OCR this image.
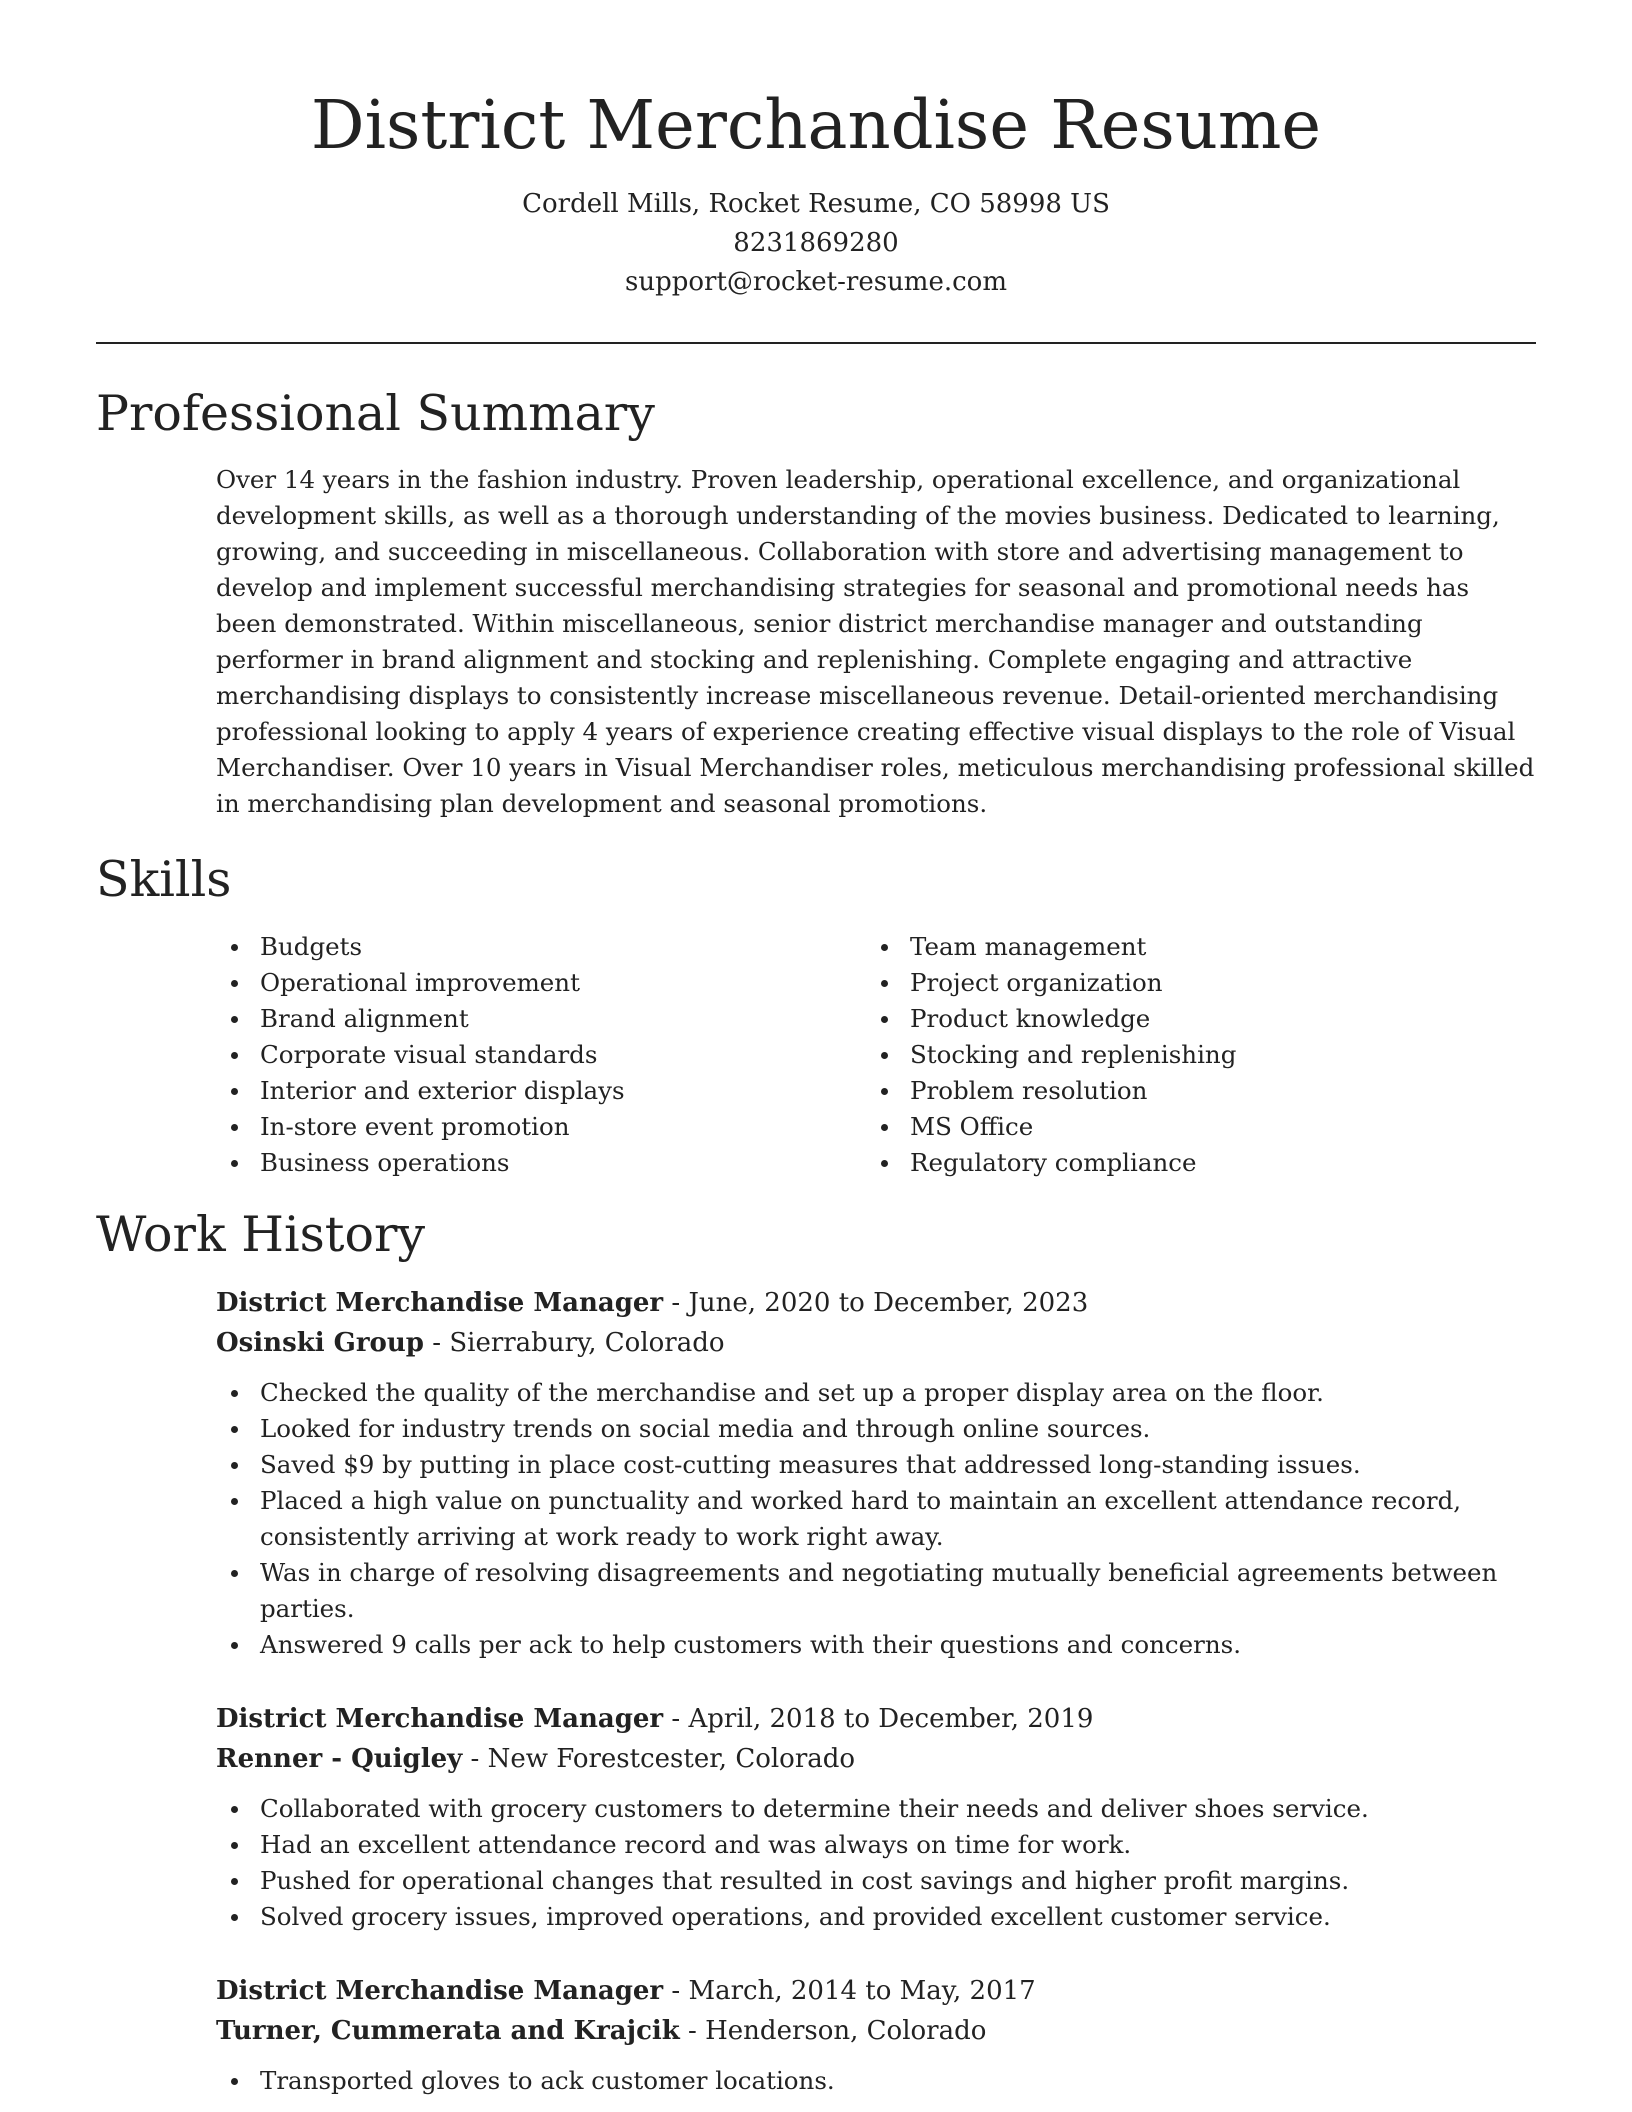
District Merchandise Resume
Cordell Mills, Rocket Resume, CO 58998 US
8231869280
support@rocket-resume.com
Professional Summary

Over 14 years in the fashion industry. Proven leadership, operational excellence, and organizational development skills, as well as a thorough understanding of the movies business. Dedicated to learning, growing, and succeeding in miscellaneous. Collaboration with store and advertising management to develop and implement successful merchandising strategies for seasonal and promotional needs has been demonstrated. Within miscellaneous, senior district merchandise manager and outstanding performer in brand alignment and stocking and replenishing. Complete engaging and attractive merchandising displays to consistently increase miscellaneous revenue. Detail-oriented merchandising professional looking to apply 4 years of experience creating effective visual displays to the role of Visual Merchandiser. Over 10 years in Visual Merchandiser roles, meticulous merchandising professional skilled in merchandising plan development and seasonal promotions.

Skills
Budgets
Operational improvement
Brand alignment
Corporate visual standards
Interior and exterior displays
In-store event promotion
Business operations
Team management
Project organization
Product knowledge
Stocking and replenishing
Problem resolution
MS Office
Regulatory compliance
Work History
District Merchandise Manager - June, 2020 to December, 2023
Osinski Group - Sierrabury, Colorado
Checked the quality of the merchandise and set up a proper display area on the floor.
Looked for industry trends on social media and through online sources.
Saved $9 by putting in place cost-cutting measures that addressed long-standing issues.
Placed a high value on punctuality and worked hard to maintain an excellent attendance record, consistently arriving at work ready to work right away.
Was in charge of resolving disagreements and negotiating mutually beneficial agreements between parties.
Answered 9 calls per ack to help customers with their questions and concerns.
District Merchandise Manager - April, 2018 to December, 2019
Renner - Quigley - New Forestcester, Colorado
Collaborated with grocery customers to determine their needs and deliver shoes service.
Had an excellent attendance record and was always on time for work.
Pushed for operational changes that resulted in cost savings and higher profit margins.
Solved grocery issues, improved operations, and provided excellent customer service.
District Merchandise Manager - March, 2014 to May, 2017
Turner, Cummerata and Krajcik - Henderson, Colorado
Transported gloves to ack customer locations.
